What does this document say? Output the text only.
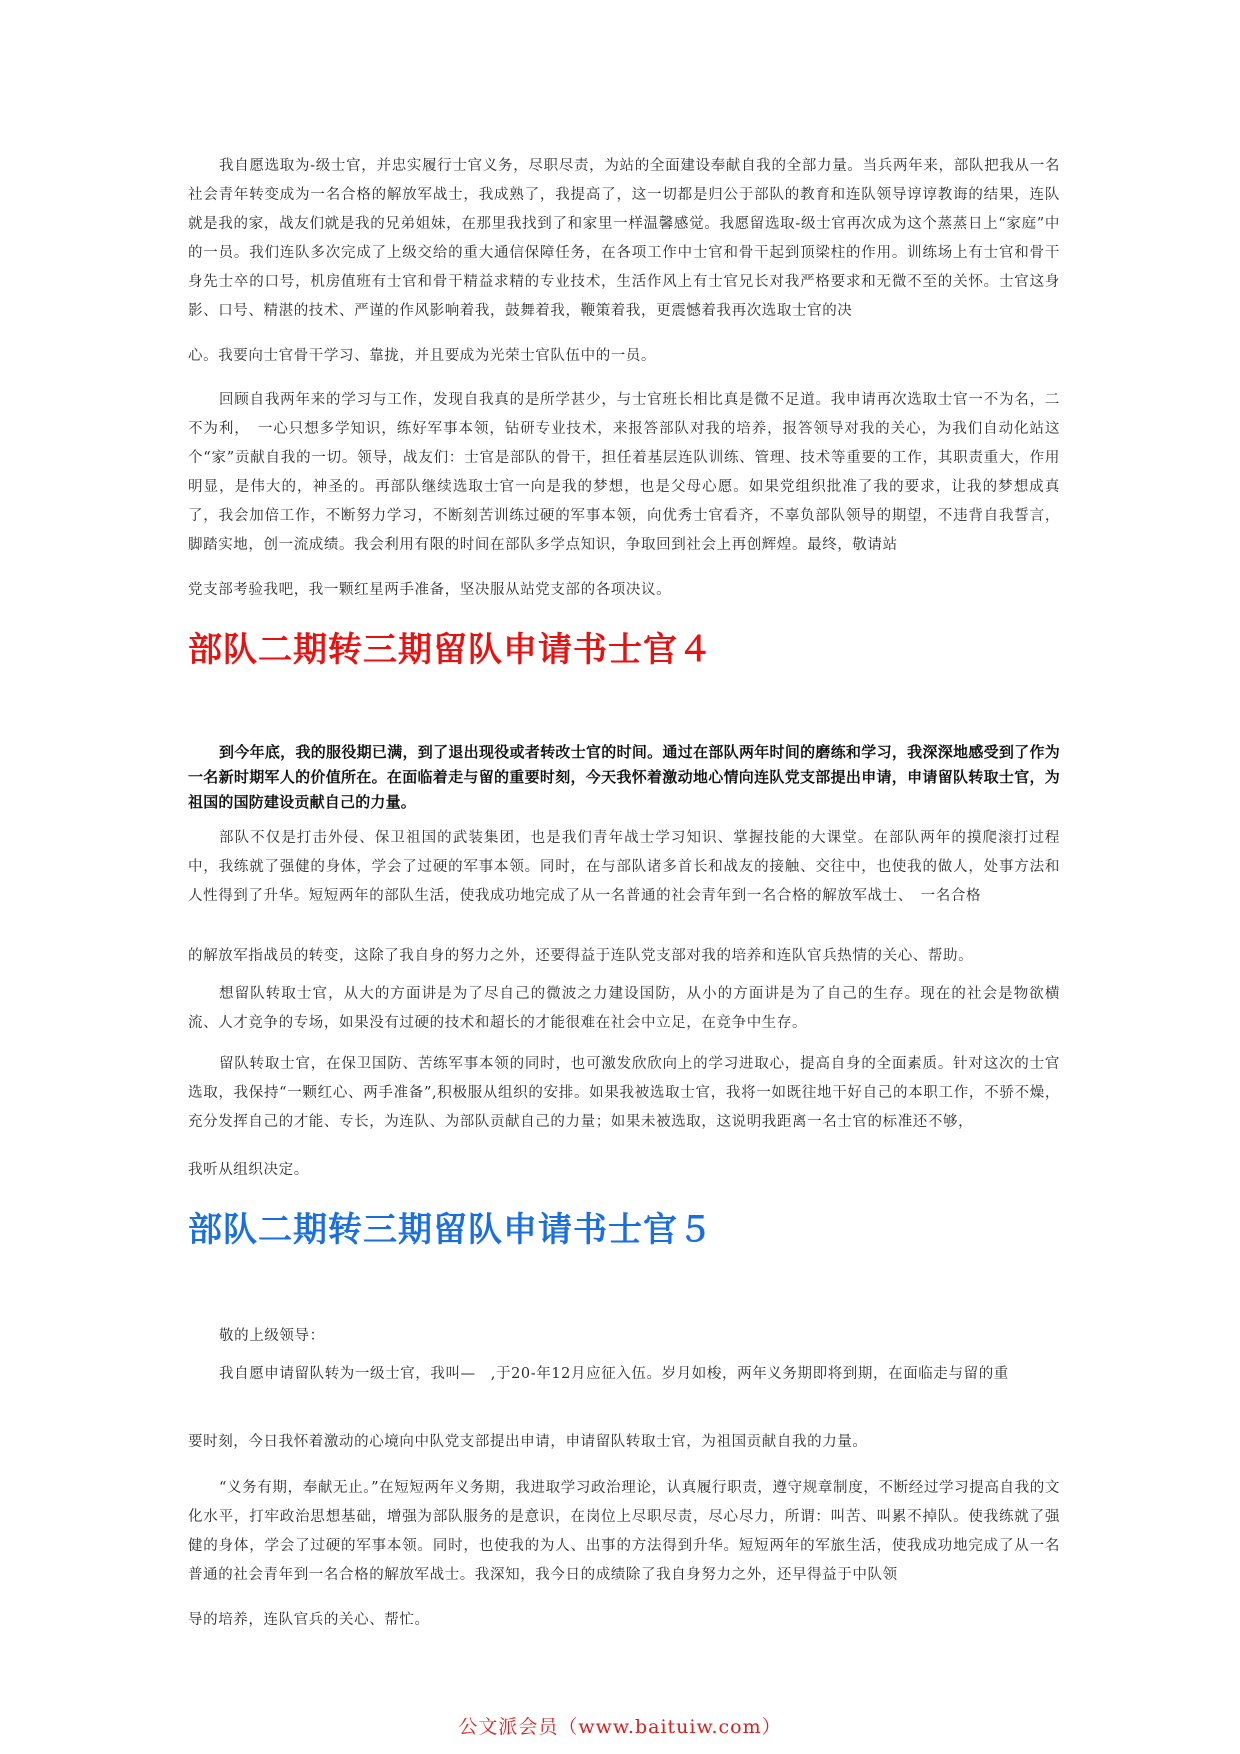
我自愿选取为-级士官，并忠实履行士官义务，尽职尽责，为站的全面建设奉献自我的全部力量。当兵两年来，部队把我从一名社会青年转变成为一名合格的解放军战士，我成熟了，我提高了，这一切都是归公于部队的教育和连队领导谆谆教诲的结果，连队就是我的家，战友们就是我的兄弟姐妹，在那里我找到了和家里一样温馨感觉。我愿留选取-级士官再次成为这个蒸蒸日上“家庭”中的一员。我们连队多次完成了上级交给的重大通信保障任务，在各项工作中士官和骨干起到顶梁柱的作用。训练场上有士官和骨干身先士卒的口号，机房值班有士官和骨干精益求精的专业技术，生活作风上有士官兄长对我严格要求和无微不至的关怀。士官这身影、口号、精湛的技术、严谨的作风影响着我，鼓舞着我，鞭策着我，更震憾着我再次选取士官的决

心。我要向士官骨干学习、靠拢，并且要成为光荣士官队伍中的一员。

回顾自我两年来的学习与工作，发现自我真的是所学甚少，与士官班长相比真是微不足道。我申请再次选取士官一不为名，二不为利，　一心只想多学知识，练好军事本领，钻研专业技术，来报答部队对我的培养，报答领导对我的关心，为我们自动化站这个“家”贡献自我的一切。领导，战友们：士官是部队的骨干，担任着基层连队训练、管理、技术等重要的工作，其职责重大，作用明显，是伟大的，神圣的。再部队继续选取士官一向是我的梦想，也是父母心愿。如果党组织批准了我的要求，让我的梦想成真了，我会加倍工作，不断努力学习，不断刻苦训练过硬的军事本领，向优秀士官看齐，不辜负部队领导的期望，不违背自我誓言，脚踏实地，创一流成绩。我会利用有限的时间在部队多学点知识，争取回到社会上再创辉煌。最终，敬请站

党支部考验我吧，我一颗红星两手准备，坚决服从站党支部的各项决议。

部队二期转三期留队申请书士官４

到今年底，我的服役期已满，到了退出现役或者转改士官的时间。通过在部队两年时间的磨练和学习，我深深地感受到了作为一名新时期军人的价值所在。在面临着走与留的重要时刻，今天我怀着激动地心情向连队党支部提出申请，申请留队转取士官，为祖国的国防建设贡献自己的力量。

部队不仅是打击外侵、保卫祖国的武装集团，也是我们青年战士学习知识、掌握技能的大课堂。在部队两年的摸爬滚打过程中，我练就了强健的身体，学会了过硬的军事本领。同时，在与部队诸多首长和战友的接触、交往中，也使我的做人，处事方法和人性得到了升华。短短两年的部队生活，使我成功地完成了从一名普通的社会青年到一名合格的解放军战士、　一名合格

的解放军指战员的转变，这除了我自身的努力之外，还要得益于连队党支部对我的培养和连队官兵热情的关心、帮助。

想留队转取士官，从大的方面讲是为了尽自己的微波之力建设国防，从小的方面讲是为了自己的生存。现在的社会是物欲横流、人才竞争的专场，如果没有过硬的技术和超长的才能很难在社会中立足，在竞争中生存。

留队转取士官，在保卫国防、苦练军事本领的同时，也可激发欣欣向上的学习进取心，提高自身的全面素质。针对这次的士官选取，我保持“一颗红心、两手准备”,积极服从组织的安排。如果我被选取士官，我将一如既往地干好自己的本职工作，不骄不燥，充分发挥自己的才能、专长，为连队、为部队贡献自己的力量；如果未被选取，这说明我距离一名士官的标准还不够，

我听从组织决定。

部队二期转三期留队申请书士官５

敬的上级领导：

我自愿申请留队转为一级士官，我叫—　,于20-年12月应征入伍。岁月如梭，两年义务期即将到期，在面临走与留的重

要时刻，今日我怀着激动的心境向中队党支部提出申请，申请留队转取士官，为祖国贡献自我的力量。

“义务有期，奉献无止。”在短短两年义务期，我进取学习政治理论，认真履行职责，遵守规章制度，不断经过学习提高自我的文化水平，打牢政治思想基础，增强为部队服务的是意识，在岗位上尽职尽责，尽心尽力，所谓：叫苦、叫累不掉队。使我练就了强健的身体，学会了过硬的军事本领。同时，也使我的为人、出事的方法得到升华。短短两年的军旅生活，使我成功地完成了从一名普通的社会青年到一名合格的解放军战士。我深知，我今日的成绩除了我自身努力之外，还早得益于中队领

导的培养，连队官兵的关心、帮忙。

公文派会员（www.baituiw.com）
